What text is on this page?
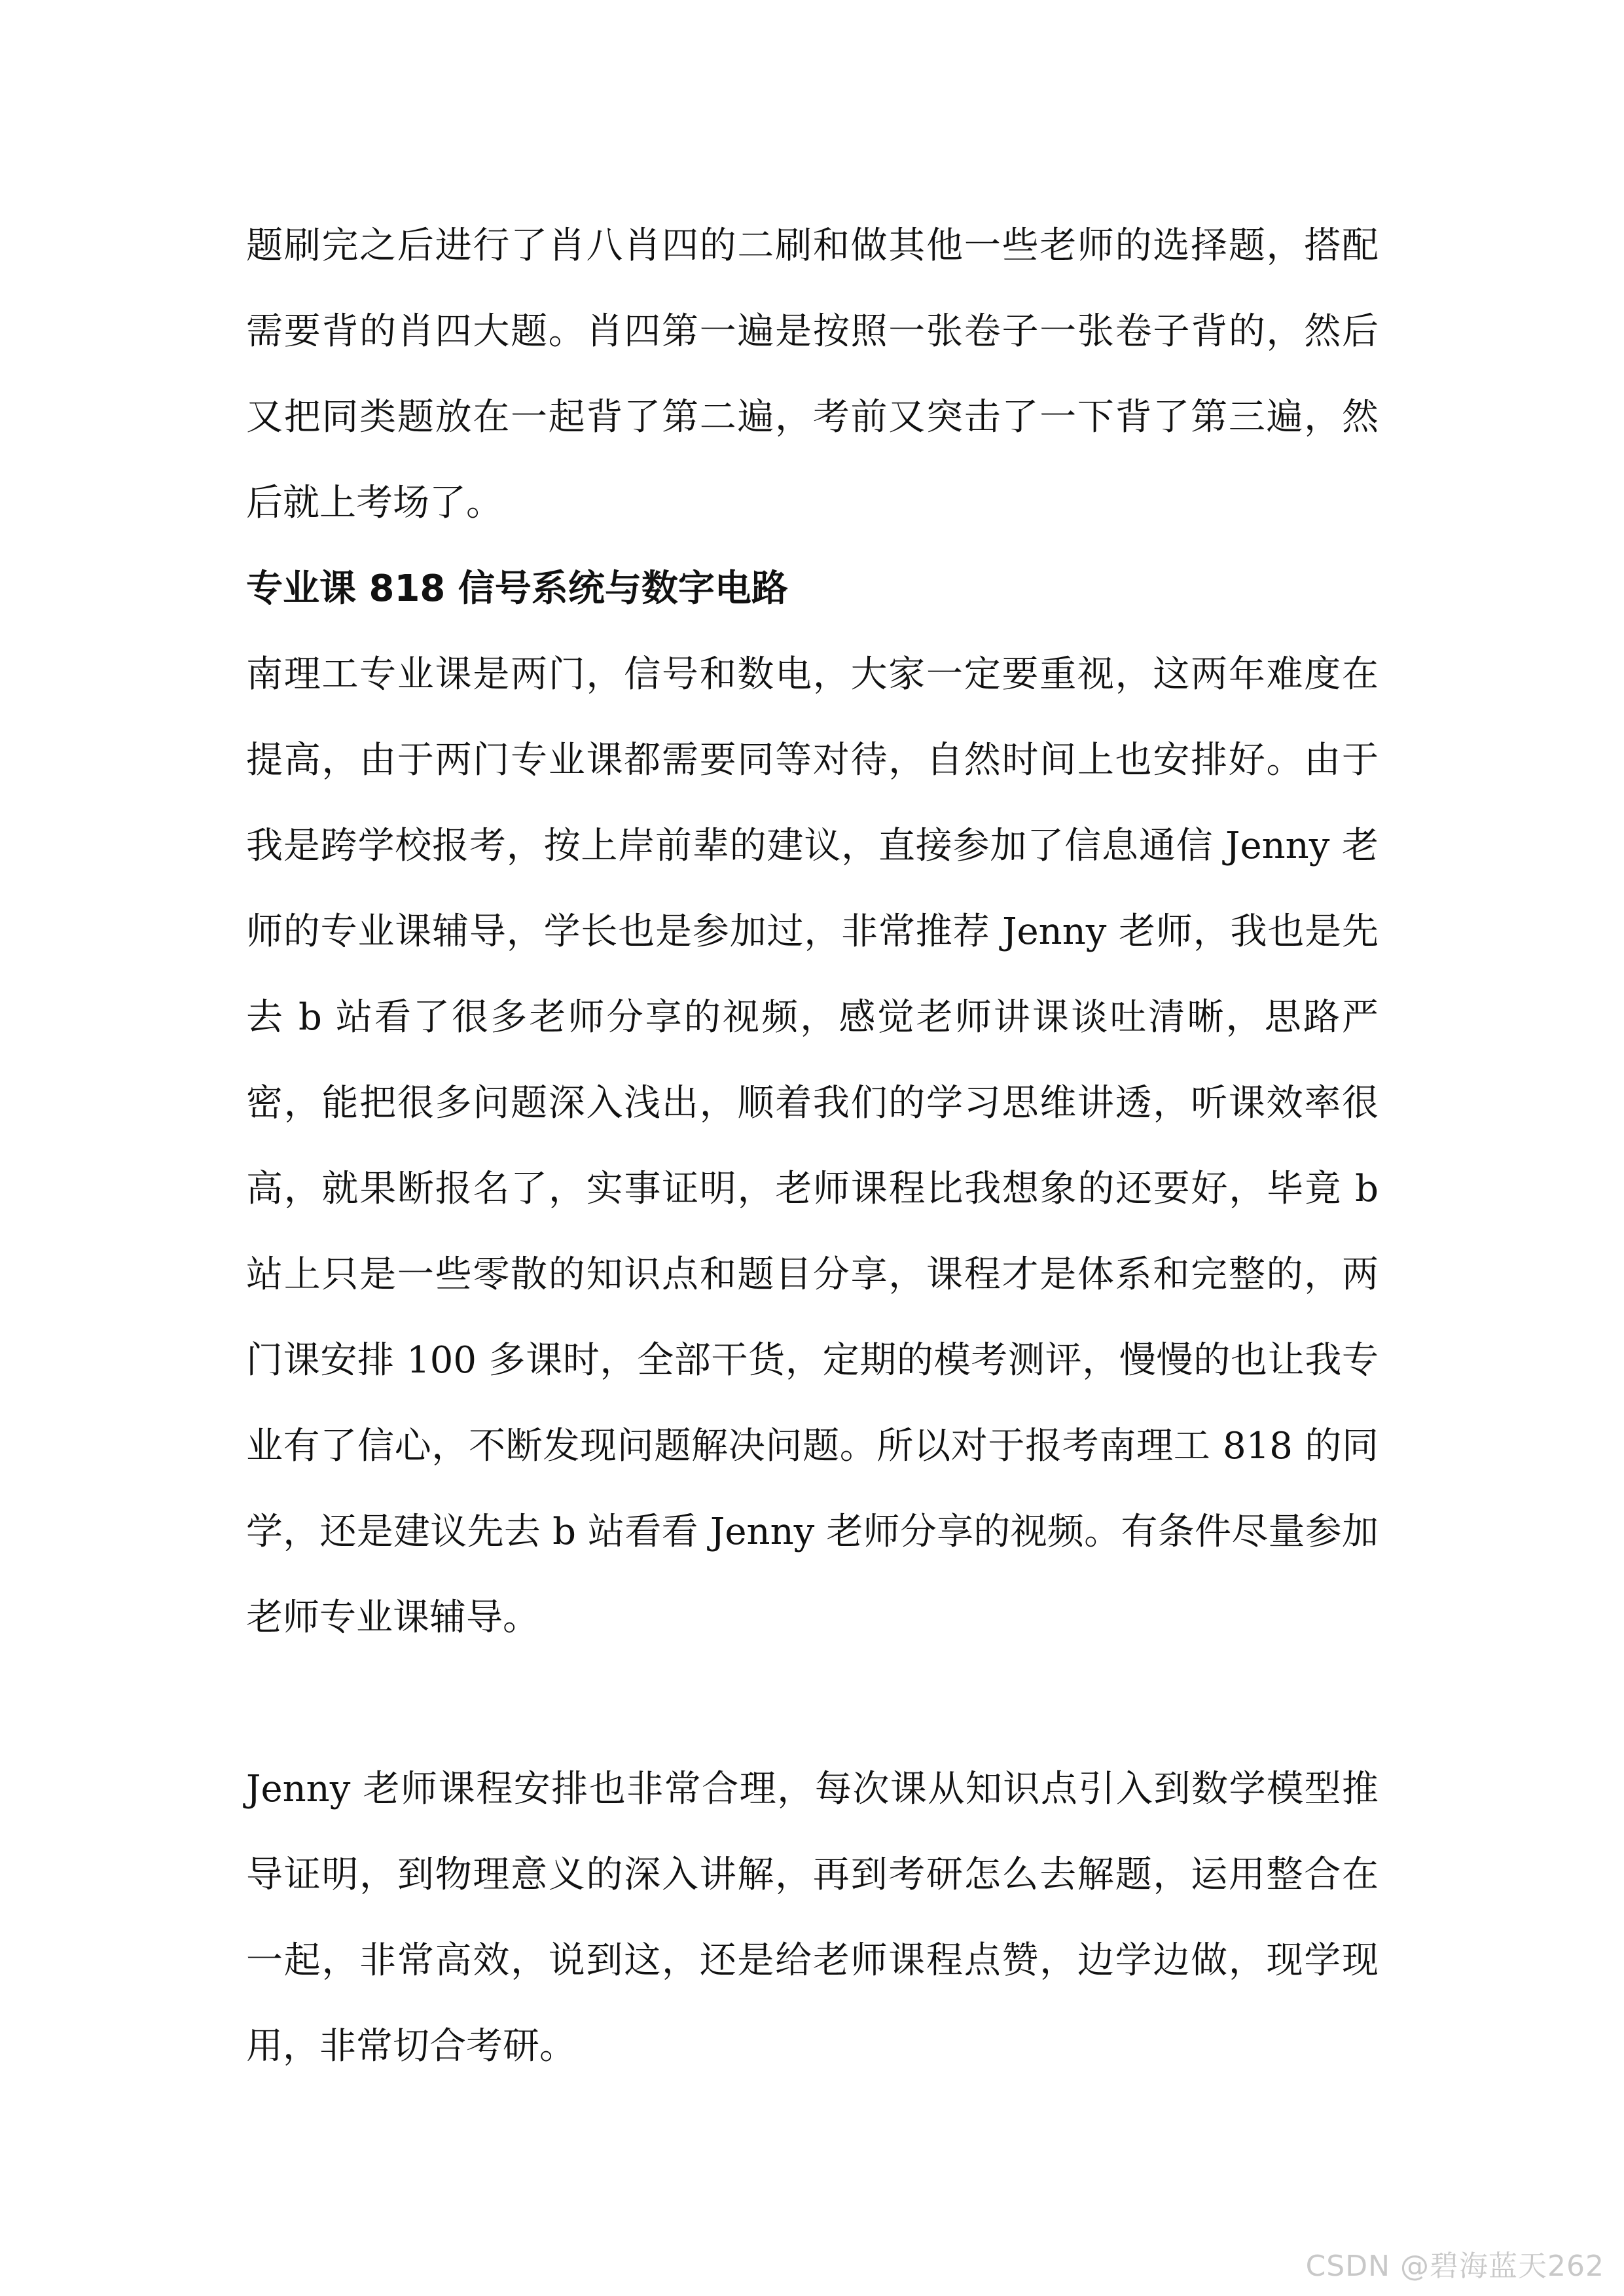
题刷完之后进行了肖八肖四的二刷和做其他一些老师的选择题，搭配需要背的肖四大题。肖四第一遍是按照一张卷子一张卷子背的，然后又把同类题放在一起背了第二遍，考前又突击了一下背了第三遍，然后就上考场了。

专业课 818 信号系统与数字电路

南理工专业课是两门，信号和数电，大家一定要重视，这两年难度在提高，由于两门专业课都需要同等对待，自然时间上也安排好。由于我是跨学校报考，按上岸前辈的建议，直接参加了信息通信 Jenny 老师的专业课辅导，学长也是参加过，非常推荐 Jenny 老师，我也是先去 b 站看了很多老师分享的视频，感觉老师讲课谈吐清晰，思路严密，能把很多问题深入浅出，顺着我们的学习思维讲透，听课效率很高，就果断报名了，实事证明，老师课程比我想象的还要好，毕竟 b 站上只是一些零散的知识点和题目分享，课程才是体系和完整的，两门课安排 100 多课时，全部干货，定期的模考测评，慢慢的也让我专业有了信心，不断发现问题解决问题。所以对于报考南理工 818 的同学，还是建议先去 b 站看看 Jenny 老师分享的视频。有条件尽量参加老师专业课辅导。

Jenny 老师课程安排也非常合理，每次课从知识点引入到数学模型推导证明，到物理意义的深入讲解，再到考研怎么去解题，运用整合在一起，非常高效，说到这，还是给老师课程点赞，边学边做，现学现用，非常切合考研。

CSDN @碧海蓝天262
